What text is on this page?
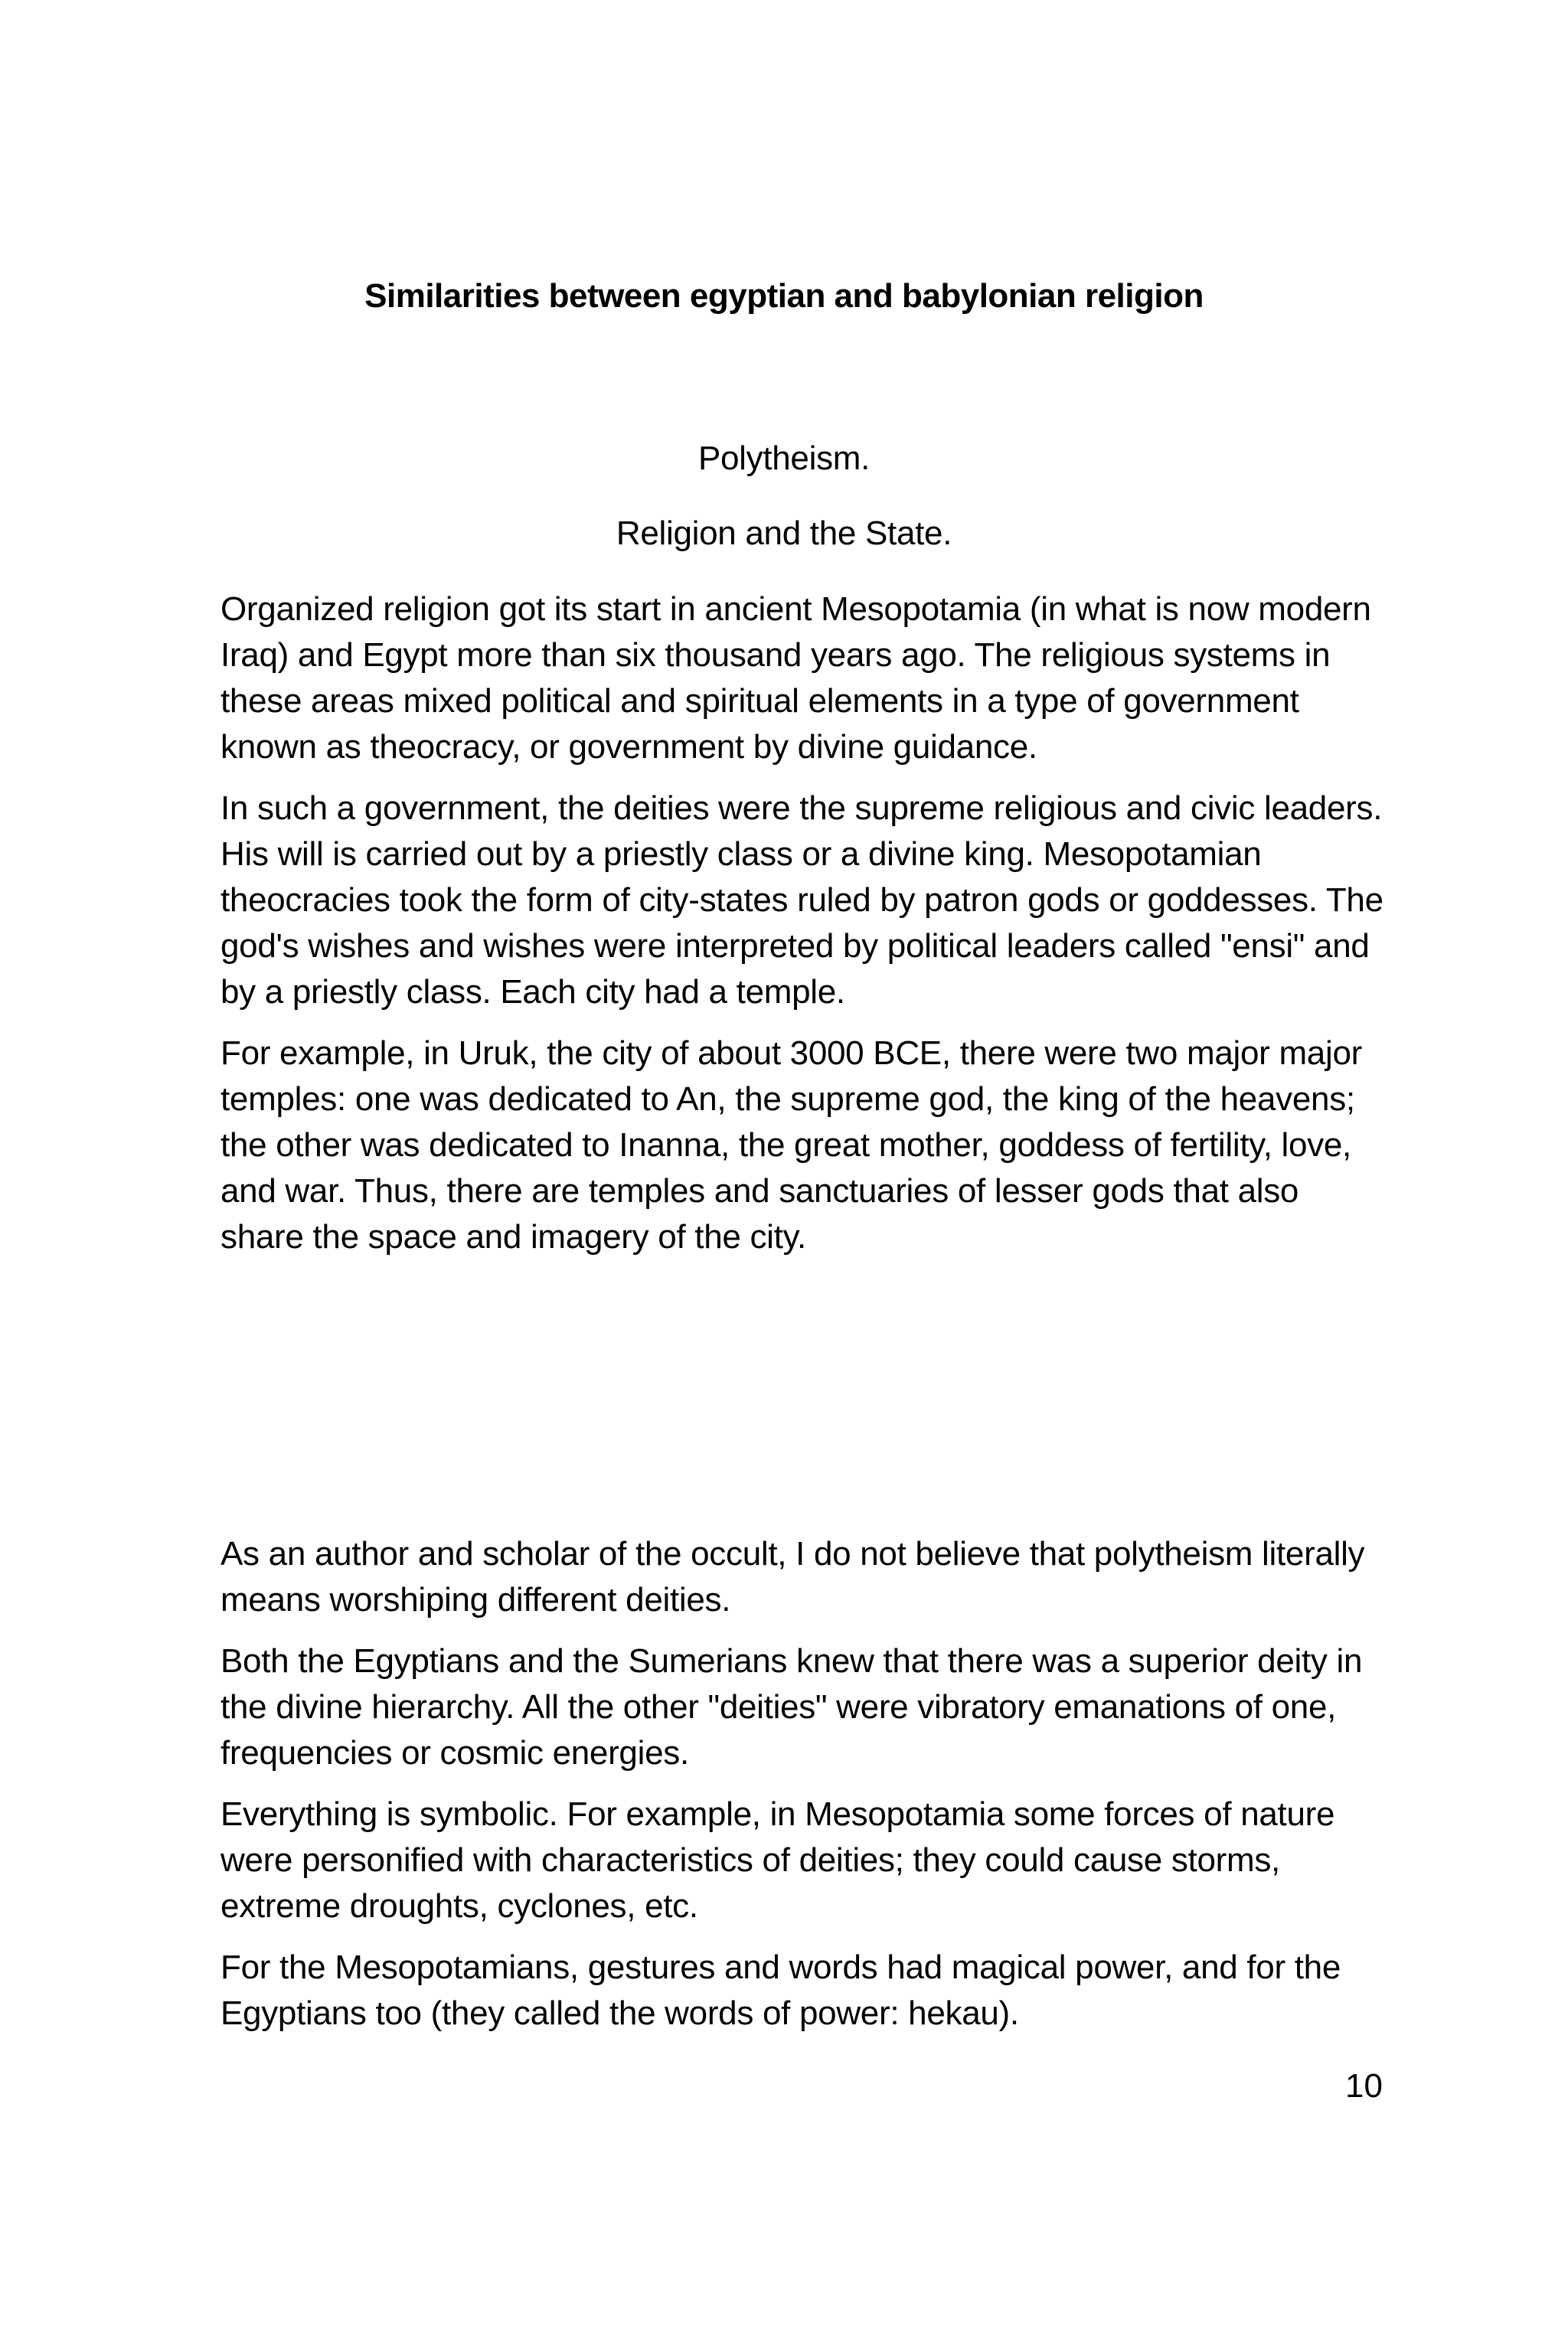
Similarities between egyptian and babylonian religion
Polytheism.
Religion and the State.

Organized religion got its start in ancient Mesopotamia (in what is now modern Iraq) and Egypt more than six thousand years ago. The religious systems in these areas mixed political and spiritual elements in a type of government known as theocracy, or government by divine guidance.

In such a government, the deities were the supreme religious and civic leaders. His will is carried out by a priestly class or a divine king. Mesopotamian theocracies took the form of city-states ruled by patron gods or goddesses. The god's wishes and wishes were interpreted by political leaders called "ensi" and by a priestly class. Each city had a temple.

For example, in Uruk, the city of about 3000 BCE, there were two major major temples: one was dedicated to An, the supreme god, the king of the heavens; the other was dedicated to Inanna, the great mother, goddess of fertility, love, and war. Thus, there are temples and sanctuaries of lesser gods that also share the space and imagery of the city.

As an author and scholar of the occult, I do not believe that polytheism literally means worshiping different deities.

Both the Egyptians and the Sumerians knew that there was a superior deity in the divine hierarchy. All the other "deities" were vibratory emanations of one, frequencies or cosmic energies.

Everything is symbolic. For example, in Mesopotamia some forces of nature were personified with characteristics of deities; they could cause storms, extreme droughts, cyclones, etc.

For the Mesopotamians, gestures and words had magical power, and for the Egyptians too (they called the words of power: hekau).

10
